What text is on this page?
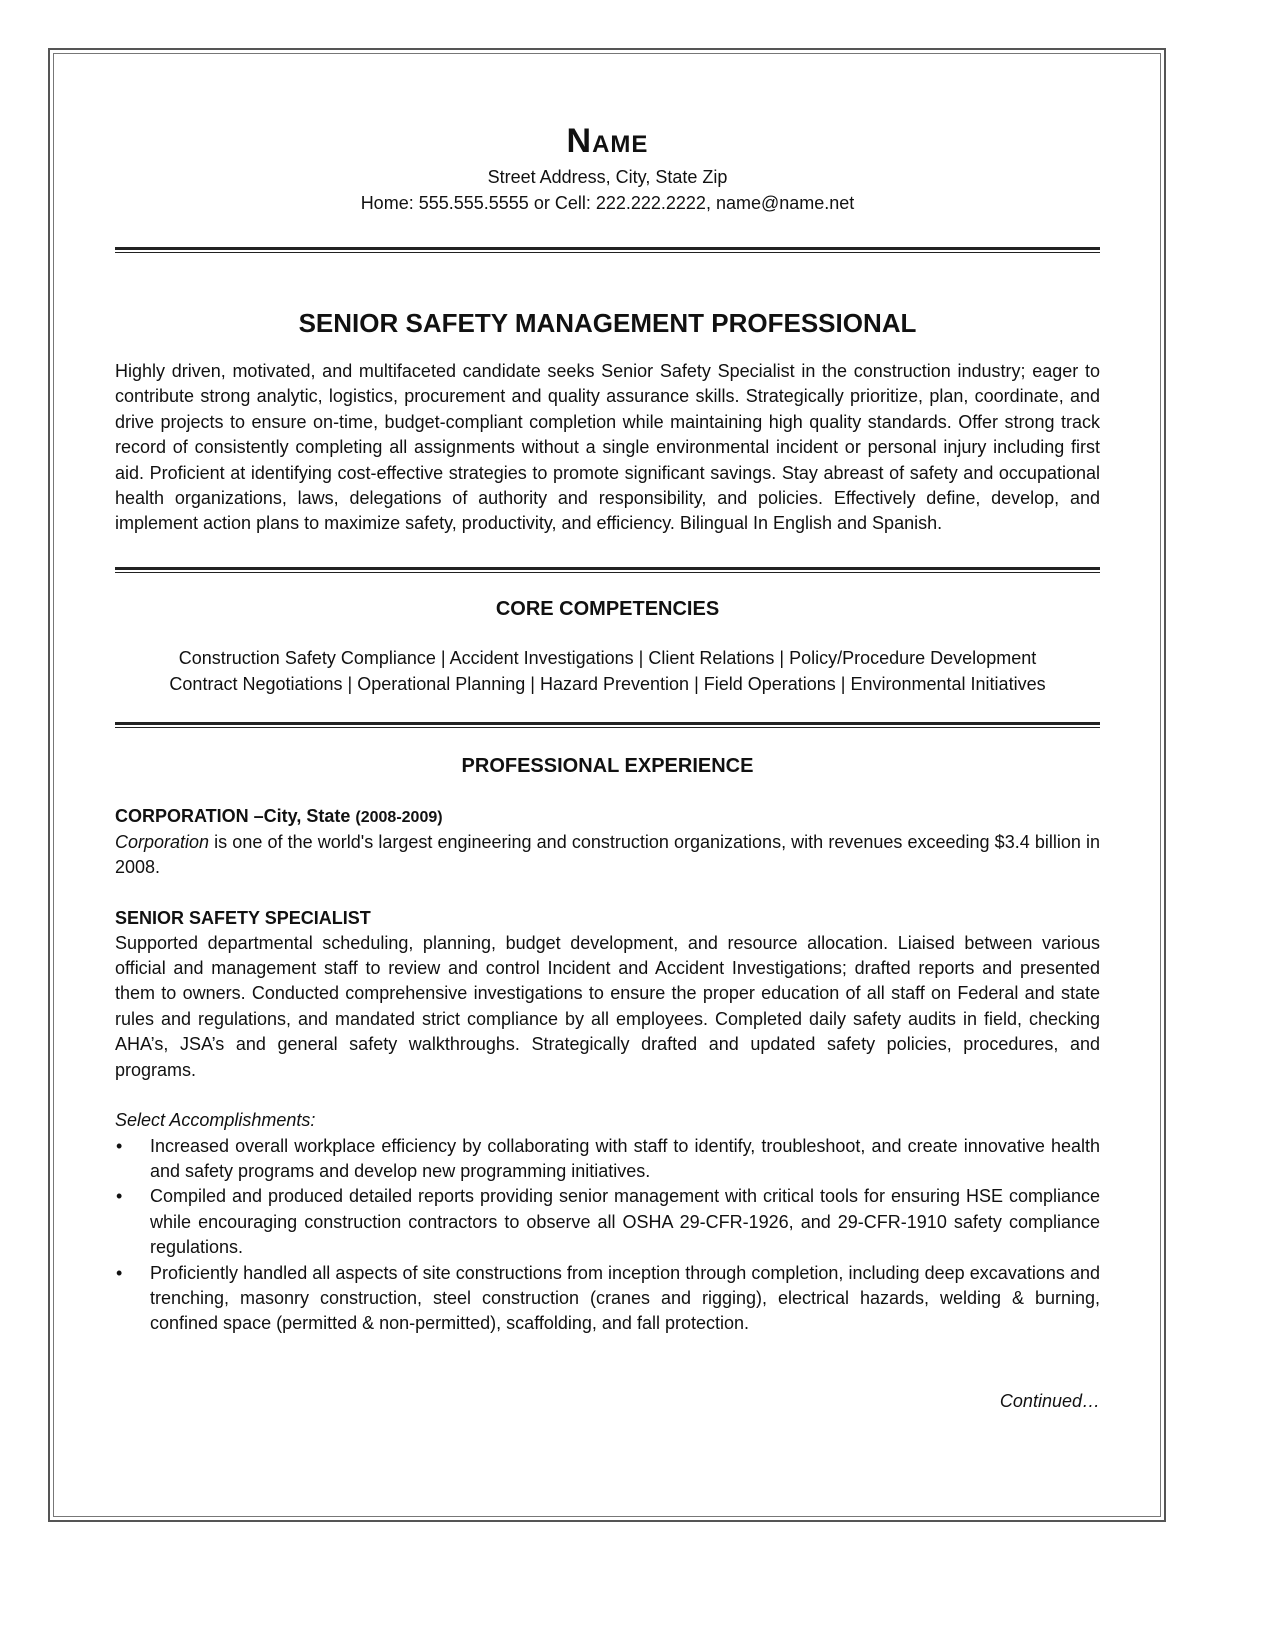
Name

Street Address, City, State Zip

Home: 555.555.5555 or Cell: 222.222.2222, name@name.net

SENIOR SAFETY MANAGEMENT PROFESSIONAL

Highly driven, motivated, and multifaceted candidate seeks Senior Safety Specialist in the construction industry; eager to contribute strong analytic, logistics, procurement and quality assurance skills. Strategically prioritize, plan, coordinate, and drive projects to ensure on-time, budget-compliant completion while maintaining high quality standards. Offer strong track record of consistently completing all assignments without a single environmental incident or personal injury including first aid. Proficient at identifying cost-effective strategies to promote significant savings. Stay abreast of safety and occupational health organizations, laws, delegations of authority and responsibility, and policies. Effectively define, develop, and implement action plans to maximize safety, productivity, and efficiency. Bilingual In English and Spanish.

CORE COMPETENCIES

Construction Safety Compliance | Accident Investigations | Client Relations | Policy/Procedure Development

Contract Negotiations | Operational Planning | Hazard Prevention | Field Operations | Environmental Initiatives

PROFESSIONAL EXPERIENCE

CORPORATION –City, State (2008-2009)

Corporation is one of the world's largest engineering and construction organizations, with revenues exceeding $3.4 billion in 2008.

SENIOR SAFETY SPECIALIST

Supported departmental scheduling, planning, budget development, and resource allocation. Liaised between various official and management staff to review and control Incident and Accident Investigations; drafted reports and presented them to owners. Conducted comprehensive investigations to ensure the proper education of all staff on Federal and state rules and regulations, and mandated strict compliance by all employees. Completed daily safety audits in field, checking AHA’s, JSA’s and general safety walkthroughs. Strategically drafted and updated safety policies, procedures, and programs.

Select Accomplishments:

• Increased overall workplace efficiency by collaborating with staff to identify, troubleshoot, and create innovative health and safety programs and develop new programming initiatives.
• Compiled and produced detailed reports providing senior management with critical tools for ensuring HSE compliance while encouraging construction contractors to observe all OSHA 29-CFR-1926, and 29-CFR-1910 safety compliance regulations.
• Proficiently handled all aspects of site constructions from inception through completion, including deep excavations and trenching, masonry construction, steel construction (cranes and rigging), electrical hazards, welding & burning, confined space (permitted & non-permitted), scaffolding, and fall protection.

Continued…
